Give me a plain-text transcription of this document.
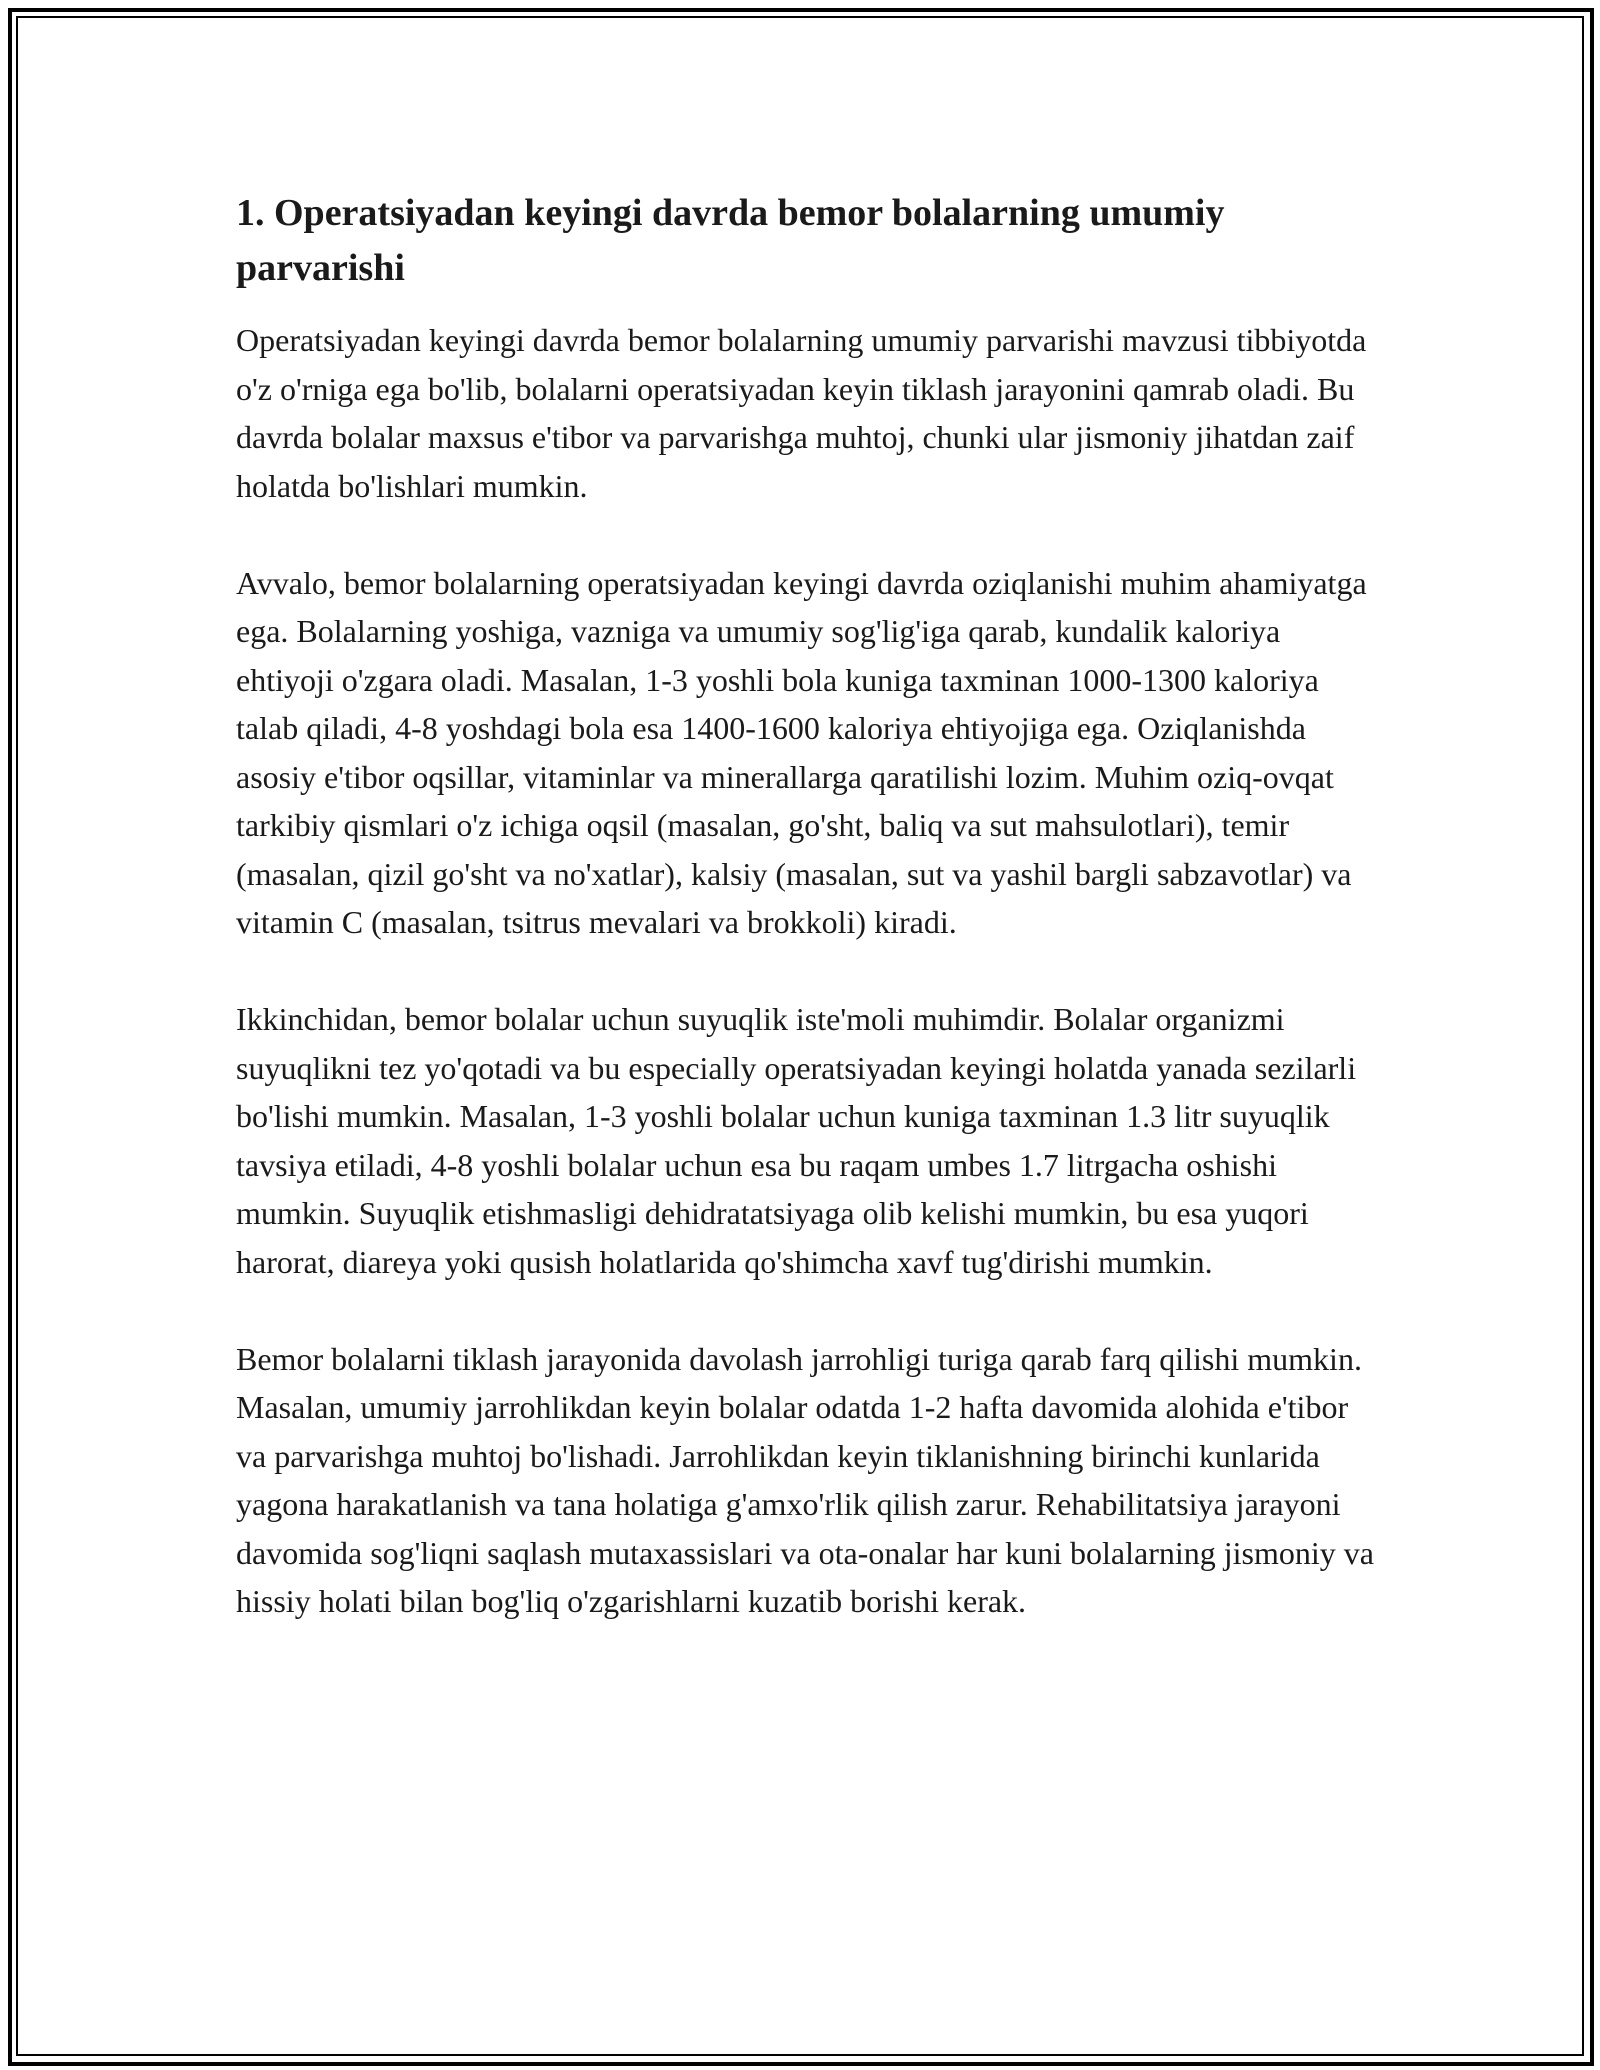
1. Operatsiyadan keyingi davrda bemor bolalarning umumiy parvarishi

Operatsiyadan keyingi davrda bemor bolalarning umumiy parvarishi mavzusi tibbiyotda o'z o'rniga ega bo'lib, bolalarni operatsiyadan keyin tiklash jarayonini qamrab oladi. Bu davrda bolalar maxsus e'tibor va parvarishga muhtoj, chunki ular jismoniy jihatdan zaif holatda bo'lishlari mumkin.

Avvalo, bemor bolalarning operatsiyadan keyingi davrda oziqlanishi muhim ahamiyatga ega. Bolalarning yoshiga, vazniga va umumiy sog'lig'iga qarab, kundalik kaloriya ehtiyoji o'zgara oladi. Masalan, 1-3 yoshli bola kuniga taxminan 1000-1300 kaloriya talab qiladi, 4-8 yoshdagi bola esa 1400-1600 kaloriya ehtiyojiga ega. Oziqlanishda asosiy e'tibor oqsillar, vitaminlar va minerallarga qaratilishi lozim. Muhim oziq-ovqat tarkibiy qismlari o'z ichiga oqsil (masalan, go'sht, baliq va sut mahsulotlari), temir (masalan, qizil go'sht va no'xatlar), kalsiy (masalan, sut va yashil bargli sabzavotlar) va vitamin C (masalan, tsitrus mevalari va brokkoli) kiradi.

Ikkinchidan, bemor bolalar uchun suyuqlik iste'moli muhimdir. Bolalar organizmi suyuqlikni tez yo'qotadi va bu especially operatsiyadan keyingi holatda yanada sezilarli bo'lishi mumkin. Masalan, 1-3 yoshli bolalar uchun kuniga taxminan 1.3 litr suyuqlik tavsiya etiladi, 4-8 yoshli bolalar uchun esa bu raqam umbes 1.7 litrgacha oshishi mumkin. Suyuqlik etishmasligi dehidratatsiyaga olib kelishi mumkin, bu esa yuqori harorat, diareya yoki qusish holatlarida qo'shimcha xavf tug'dirishi mumkin.

Bemor bolalarni tiklash jarayonida davolash jarrohligi turiga qarab farq qilishi mumkin. Masalan, umumiy jarrohlikdan keyin bolalar odatda 1-2 hafta davomida alohida e'tibor va parvarishga muhtoj bo'lishadi. Jarrohlikdan keyin tiklanishning birinchi kunlarida yagona harakatlanish va tana holatiga g'amxo'rlik qilish zarur. Rehabilitatsiya jarayoni davomida sog'liqni saqlash mutaxassislari va ota-onalar har kuni bolalarning jismoniy va hissiy holati bilan bog'liq o'zgarishlarni kuzatib borishi kerak.
